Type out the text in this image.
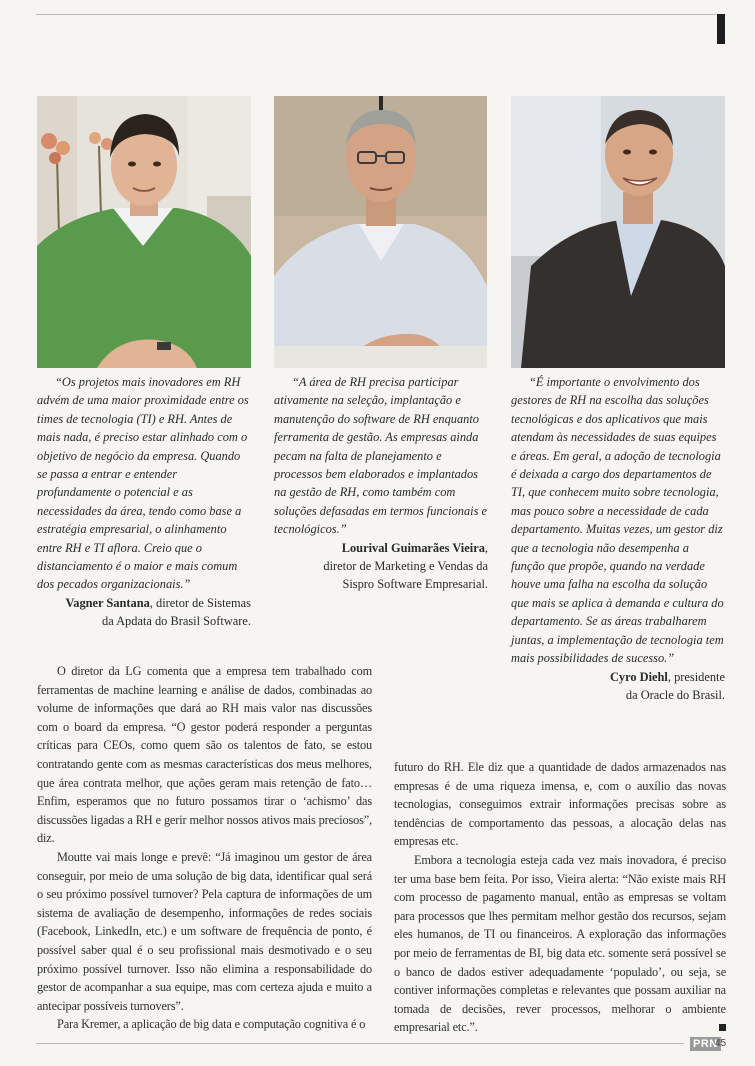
“Os projetos mais inovadores em RH advém de uma maior proximidade entre os times de tecnologia (TI) e RH. Antes de mais nada, é preciso estar alinhado com o objetivo de negócio da empresa. Quando se passa a entrar e entender profundamente o potencial e as necessidades da área, tendo como base a estratégia empresarial, o alinhamento entre RH e TI aflora. Creio que o distanciamento é o maior e mais comum dos pecados organizacionais.”

Vagner Santana, diretor de Sistemas
da Apdata do Brasil Software.

“A área de RH precisa participar ativamente na seleção, implantação e manutenção do software de RH enquanto ferramenta de gestão. As empresas ainda pecam na falta de planejamento e processos bem elaborados e implantados na gestão de RH, como também com soluções defasadas em termos funcionais e tecnológicos.”

Lourival Guimarães Vieira,
diretor de Marketing e Vendas da
Sispro Software Empresarial.

“É importante o envolvimento dos gestores de RH na escolha das soluções tecnológicas e dos aplicativos que mais atendam às necessidades de suas equipes e áreas. Em geral, a adoção de tecnologia é deixada a cargo dos departamentos de TI, que conhecem muito sobre tecnologia, mas pouco sobre a necessidade de cada departamento. Muitas vezes, um gestor diz que a tecnologia não desempenha a função que propõe, quando na verdade houve uma falha na escolha da solução que mais se aplica à demanda e cultura do departamento. Se as áreas trabalharem juntas, a implementação de tecnologia tem mais possibilidades de sucesso.”

Cyro Diehl, presidente
da Oracle do Brasil.

O diretor da LG comenta que a empresa tem trabalhado com ferramentas de machine learning e análise de dados, combinadas ao volume de informações que dará ao RH mais valor nas discussões com o board da empresa. “O gestor poderá responder a perguntas críticas para CEOs, como quem são os talentos de fato, se estou contratando gente com as mesmas características dos meus melhores, que área contrata melhor, que ações geram mais retenção de fato… Enfim, esperamos que no futuro possamos tirar o ‘achismo’ das discussões ligadas a RH e gerir melhor nossos ativos mais preciosos”, diz.

Moutte vai mais longe e prevê: “Já imaginou um gestor de área conseguir, por meio de uma solução de big data, identificar qual será o seu próximo possível turnover? Pela captura de informações de um sistema de avaliação de desempenho, informações de redes sociais (Facebook, LinkedIn, etc.) e um software de frequência de ponto, é possível saber qual é o seu profissional mais desmotivado e o seu próximo possível turnover. Isso não elimina a responsabilidade do gestor de acompanhar a sua equipe, mas com certeza ajuda e muito a antecipar possíveis turnovers”.

Para Kremer, a aplicação de big data e computação cognitiva é o

futuro do RH. Ele diz que a quantidade de dados armazenados nas empresas é de uma riqueza imensa, e, com o auxílio das novas tecnologias, conseguimos extrair informações precisas sobre as tendências de comportamento das pessoas, a alocação delas nas empresas etc.

Embora a tecnologia esteja cada vez mais inovadora, é preciso ter uma base bem feita. Por isso, Vieira alerta: “Não existe mais RH com processo de pagamento manual, então as empresas se voltam para processos que lhes permitam melhor gestão dos recursos, sejam eles humanos, de TI ou financeiros. A exploração das informações por meio de ferramentas de BI, big data etc. somente será possível se o banco de dados estiver adequadamente ‘populado’, ou seja, se contiver informações completas e relevantes que possam auxiliar na tomada de decisões, rever processos, melhorar o ambiente empresarial etc.”.

PRN
45
